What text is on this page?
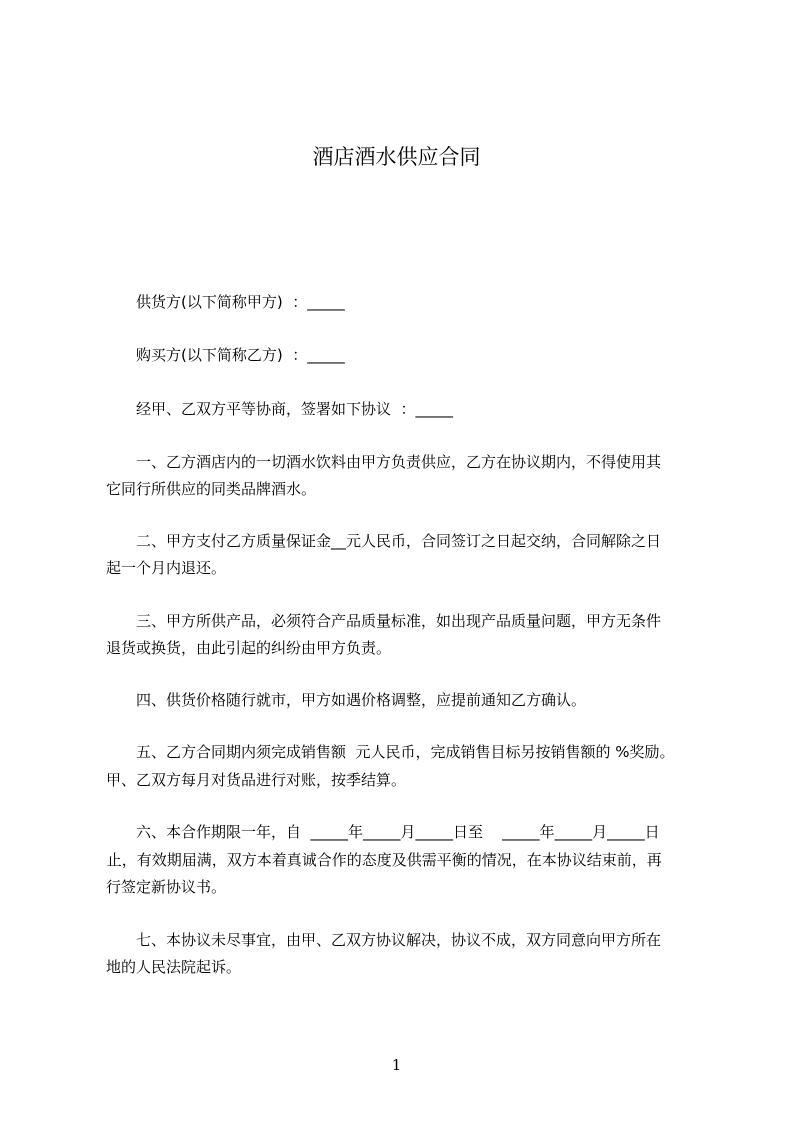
酒店酒水供应合同
供货方(以下简称甲方)  ：_____
购买方(以下简称乙方)  ：_____
经甲、乙双方平等协商，签署如下协议  ：_____
一、乙方酒店内的一切酒水饮料由甲方负责供应，乙方在协议期内，不得使用其
它同行所供应的同类品牌酒水。
二、甲方支付乙方质量保证金__元人民币，合同签订之日起交纳，合同解除之日
起一个月内退还。
三、甲方所供产品，必须符合产品质量标准，如出现产品质量问题，甲方无条件
退货或换货，由此引起的纠纷由甲方负责。
四、供货价格随行就市，甲方如遇价格调整，应提前通知乙方确认。
五、乙方合同期内须完成销售额  元人民币，完成销售目标另按销售额的 %奖励。
甲、乙双方每月对货品进行对账，按季结算。
六、本合作期限一年，自  _____年_____月_____日至    _____年_____月_____日
止，有效期届满，双方本着真诚合作的态度及供需平衡的情况，在本协议结束前，再
行签定新协议书。
七、本协议未尽事宜，由甲、乙双方协议解决，协议不成，双方同意向甲方所在
地的人民法院起诉。
1
